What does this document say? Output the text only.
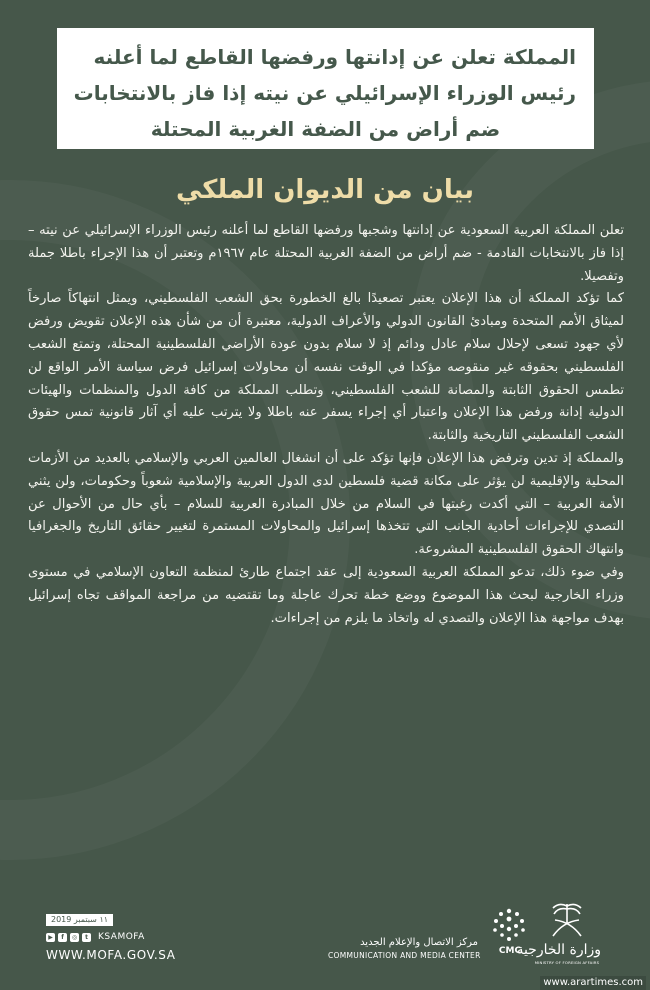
المملكة تعلن عن إدانتها ورفضها القاطع لما أعلنه
رئيس الوزراء الإسرائيلي عن نيته إذا فاز بالانتخابات
ضم أراض من الضفة الغربية المحتلة
بيان من الديوان الملكي

تعلن المملكة العربية السعودية عن إدانتها وشجبها ورفضها القاطع لما أعلنه رئيس الوزراء الإسرائيلي عن نيته – إذا فاز بالانتخابات القادمة - ضم أراض من الضفة الغربية المحتلة عام ١٩٦٧م وتعتبر أن هذا الإجراء باطلا جملة وتفصيلا.

كما تؤكد المملكة أن هذا الإعلان يعتبر تصعيدًا بالغ الخطورة بحق الشعب الفلسطيني، ويمثل انتهاكاً صارخاً لميثاق الأمم المتحدة ومبادئ القانون الدولي والأعراف الدولية، معتبرة أن من شأن هذه الإعلان تقويض ورفض لأي جهود تسعى لإحلال سلام عادل ودائم إذ لا سلام بدون عودة الأراضي الفلسطينية المحتلة، وتمتع الشعب الفلسطيني بحقوقه غير منقوصه مؤكدا في الوقت نفسه أن محاولات إسرائيل فرض سياسة الأمر الواقع لن تطمس الحقوق الثابتة والمصانة للشعب الفلسطيني، وتطلب المملكة من كافة الدول والمنظمات والهيئات الدولية إدانة ورفض هذا الإعلان واعتبار أي إجراء يسفر عنه باطلا ولا يترتب عليه أي آثار قانونية تمس حقوق الشعب الفلسطيني التاريخية والثابتة.

والمملكة إذ تدين وترفض هذا الإعلان فإنها تؤكد على أن انشغال العالمين العربي والإسلامي بالعديد من الأزمات المحلية والإقليمية لن يؤثر على مكانة قضية فلسطين لدى الدول العربية والإسلامية شعوباً وحكومات، ولن يثني الأمة العربية – التي أكدت رغبتها في السلام من خلال المبادرة العربية للسلام – بأي حال من الأحوال عن التصدي للإجراءات أحادية الجانب التي تتخذها إسرائيل والمحاولات المستمرة لتغيير حقائق التاريخ والجغرافيا وانتهاك الحقوق الفلسطينية المشروعة.

وفي ضوء ذلك، تدعو المملكة العربية السعودية إلى عقد اجتماع طارئ لمنظمة التعاون الإسلامي في مستوى وزراء الخارجية لبحث هذا الموضوع ووضع خطة تحرك عاجلة وما تقتضيه من مراجعة المواقف تجاه إسرائيل بهدف مواجهة هذا الإعلان والتصدي له واتخاذ ما يلزم من إجراءات.

١١ سبتمبر 2019
▶	f	◎	t	KSAMOFA
WWW.MOFA.GOV.SA
مركز الاتصال والإعلام الجديد
COMMUNICATION AND MEDIA CENTER	CMC
وزارة الخارجية
MINISTRY OF FOREIGN AFFAIRS
www.arartimes.com
